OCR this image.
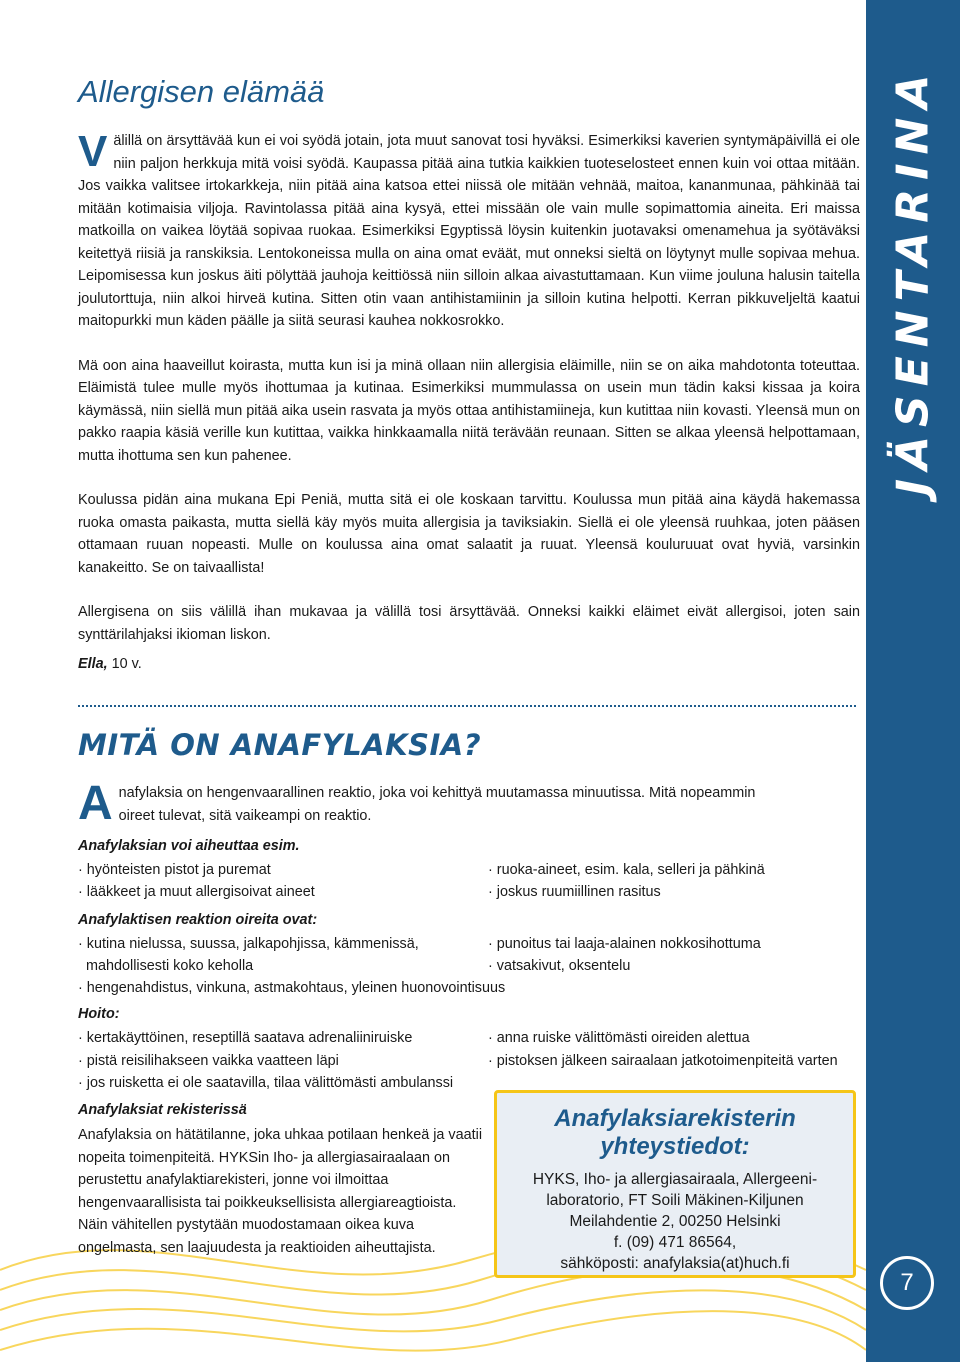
JÄSENTARINA
7
Allergisen elämää

Välillä on ärsyttävää kun ei voi syödä jotain, jota muut sanovat tosi hyväksi. Esimerkiksi kaverien syntymäpäivillä ei ole niin paljon herkkuja mitä voisi syödä. Kaupassa pitää aina tutkia kaikkien tuoteselosteet ennen kuin voi ottaa mitään. Jos vaikka valitsee irtokarkkeja, niin pitää aina katsoa ettei niissä ole mitään vehnää, maitoa, kananmunaa, pähkinää tai mitään kotimaisia viljoja. Ravintolassa pitää aina kysyä, ettei missään ole vain mulle sopimattomia aineita. Eri maissa matkoilla on vaikea löytää sopivaa ruokaa. Esimerkiksi Egyptissä löysin kuitenkin juotavaksi omenamehua ja syötäväksi keitettyä riisiä ja ranskiksia. Lentokoneissa mulla on aina omat eväät, mut onneksi sieltä on löytynyt mulle sopivaa mehua. Leipomisessa kun joskus äiti pölyttää jauhoja keittiössä niin silloin alkaa aivastuttamaan. Kun viime jouluna halusin taitella joulutorttuja, niin alkoi hirveä kutina. Sitten otin vaan antihistamiinin ja silloin kutina helpotti. Kerran pikkuveljeltä kaatui maitopurkki mun käden päälle ja siitä seurasi kauhea nokkosrokko.

Mä oon aina haaveillut koirasta, mutta kun isi ja minä ollaan niin allergisia eläimille, niin se on aika mahdotonta toteuttaa. Eläimistä tulee mulle myös ihottumaa ja kutinaa. Esimerkiksi mummulassa on usein mun tädin kaksi kissaa ja koira käymässä, niin siellä mun pitää aika usein rasvata ja myös ottaa antihistamiineja, kun kutittaa niin kovasti. Yleensä mun on pakko raapia käsiä verille kun kutittaa, vaikka hinkkaamalla niitä terävään reunaan. Sitten se alkaa yleensä helpottamaan, mutta ihottuma sen kun pahenee.

Koulussa pidän aina mukana Epi Peniä, mutta sitä ei ole koskaan tarvittu. Koulussa mun pitää aina käydä hakemassa ruoka omasta paikasta, mutta siellä käy myös muita allergisia ja taviksiakin. Siellä ei ole yleensä ruuhkaa, joten pääsen ottamaan ruuan nopeasti. Mulle on koulussa aina omat salaatit ja ruuat. Yleensä kouluruuat ovat hyviä, varsinkin kanakeitto. Se on taivaallista!

Allergisena on siis välillä ihan mukavaa ja välillä tosi ärsyttävää. Onneksi kaikki eläimet eivät allergisoi, joten sain synttärilahjaksi ikioman liskon.

Ella, 10 v.
MITÄ ON ANAFYLAKSIA?
Anafylaksia on hengenvaarallinen reaktio, joka voi kehittyä muutamassa minuutissa. Mitä nopeammin oireet tulevat, sitä vaikeampi on reaktio.
Anafylaksian voi aiheuttaa esim.
· hyönteisten pistot ja puremat
· lääkkeet ja muut allergisoivat aineet
· ruoka-aineet, esim. kala, selleri ja pähkinä
· joskus ruumiillinen rasitus
Anafylaktisen reaktion oireita ovat:
· kutina nielussa, suussa, jalkapohjissa, kämmenissä,
mahdollisesti koko keholla
· hengenahdistus, vinkuna, astmakohtaus, yleinen huonovointisuus
· punoitus tai laaja-alainen nokkosihottuma
· vatsakivut, oksentelu
Hoito:
· kertakäyttöinen, reseptillä saatava adrenaliiniruiske
· pistä reisilihakseen vaikka vaatteen läpi
· jos ruisketta ei ole saatavilla, tilaa välittömästi ambulanssi
· anna ruiske välittömästi oireiden alettua
· pistoksen jälkeen sairaalaan jatkotoimenpiteitä varten
Anafylaksiat rekisterissä
Anafylaksia on hätätilanne, joka uhkaa potilaan henkeä ja vaatii nopeita toimenpiteitä. HYKSin Iho- ja allergiasairaalaan on perustettu anafylaktiarekisteri, jonne voi ilmoittaa hengenvaarallisista tai poikkeuksellisista allergiareagtioista. Näin vähitellen pystytään muodostamaan oikea kuva ongelmasta, sen laajuudesta ja reaktioiden aiheuttajista.
Anafylaksiarekisterin
yhteystiedot:
HYKS, Iho- ja allergiasairaala, Allergeeni-
laboratorio, FT Soili Mäkinen-Kiljunen
Meilahdentie 2, 00250 Helsinki
f. (09) 471 86564,
sähköposti: anafylaksia(at)huch.fi
